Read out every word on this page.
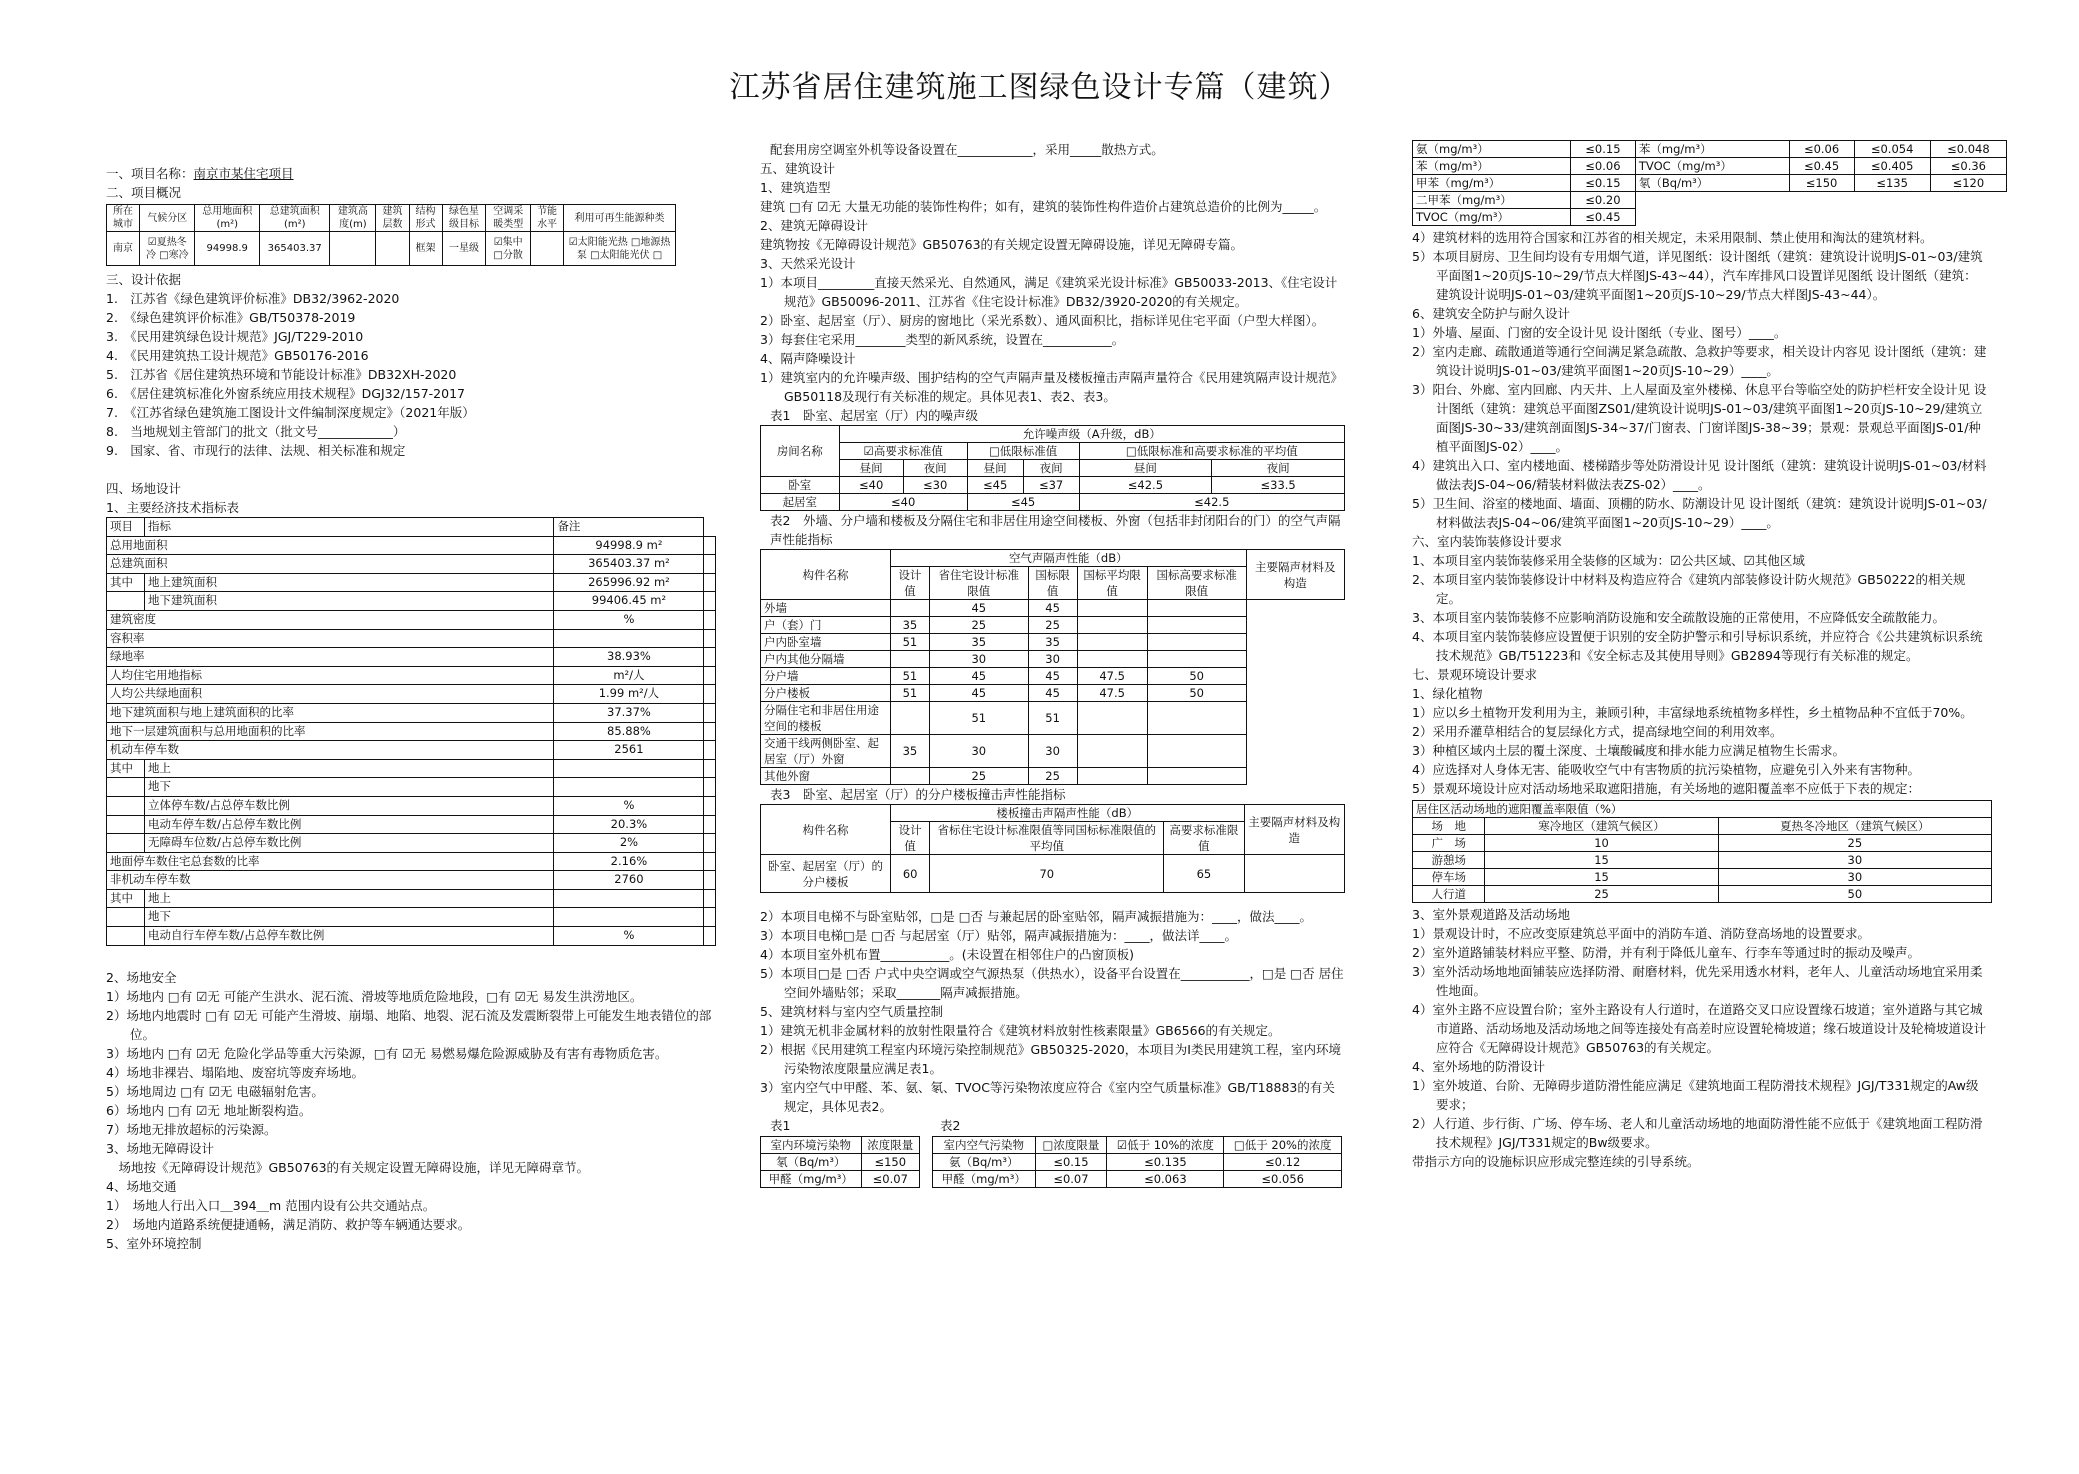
江苏省居住建筑施工图绿色设计专篇（建筑）

一、项目名称：南京市某住宅项目

二、项目概况

所在城市	气候分区	总用地面积(m²)	总建筑面积(m²)	建筑高度(m)	建筑层数	结构形式	绿色星级目标	空调采暖类型	节能水平	利用可再生能源种类
南京	☑夏热冬冷 □寒冷	94998.9	365403.37			框架	一星级	☑集中 □分散		☑太阳能光热 □地源热泵 □太阳能光伏 □

三、设计依据

1.　江苏省《绿色建筑评价标准》DB32/3962-2020

2.　《绿色建筑评价标准》GB/T50378-2019

3.　《民用建筑绿色设计规范》JGJ/T229-2010

4.　《民用建筑热工设计规范》GB50176-2016

5.　江苏省《居住建筑热环境和节能设计标准》DB32XH-2020

6.　《居住建筑标准化外窗系统应用技术规程》DGJ32/157-2017

7.　《江苏省绿色建筑施工图设计文件编制深度规定》（2021年版）

8.　当地规划主管部门的批文（批文号____________）

9.　国家、省、市现行的法律、法规、相关标准和规定

四、场地设计

1、主要经济技术指标表

项目	指标	备注	
总用地面积		94998.9 m²	
总建筑面积		365403.37 m²	
其中	地上建筑面积	265996.92 m²	
	地下建筑面积	99406.45 m²	
建筑密度		%	
容积率			
绿地率		38.93%	
人均住宅用地指标		m²/人	
人均公共绿地面积		1.99 m²/人	
地下建筑面积与地上建筑面积的比率		37.37%	
地下一层建筑面积与总用地面积的比率		85.88%	
机动车停车数		2561	
其中	地上		
	地下		
	立体停车数/占总停车数比例	%	
	电动车停车数/占总停车数比例	20.3%	
	无障碍车位数/占总停车数比例	2%	
地面停车数住宅总套数的比率		2.16%	
非机动车停车数		2760	
其中	地上		
	地下		
	电动自行车停车数/占总停车数比例	%	

2、场地安全

1）场地内 □有 ☑无 可能产生洪水、泥石流、滑坡等地质危险地段，□有 ☑无 易发生洪涝地区。

2）场地内地震时 □有 ☑无 可能产生滑坡、崩塌、地陷、地裂、泥石流及发震断裂带上可能发生地表错位的部位。

3）场地内 □有 ☑无 危险化学品等重大污染源，□有 ☑无 易燃易爆危险源威胁及有害有毒物质危害。

4）场地非裸岩、塌陷地、废窑坑等废弃场地。

5）场地周边 □有 ☑无 电磁辐射危害。

6）场地内 □有 ☑无 地址断裂构造。

7）场地无排放超标的污染源。

3、场地无障碍设计

　场地按《无障碍设计规范》GB50763的有关规定设置无障碍设施，详见无障碍章节。

4、场地交通

1）　场地人行出入口＿394＿m 范围内设有公共交通站点。

2）　场地内道路系统便捷通畅，满足消防、救护等车辆通达要求。

5、室外环境控制

配套用房空调室外机等设备设置在____________，采用_____散热方式。

五、建筑设计

1、建筑造型

建筑 □有 ☑无 大量无功能的装饰性构件；如有，建筑的装饰性构件造价占建筑总造价的比例为_____。

2、建筑无障碍设计

建筑物按《无障碍设计规范》GB50763的有关规定设置无障碍设施，详见无障碍专篇。

3、天然采光设计

1）本项目_________直接天然采光、自然通风，满足《建筑采光设计标准》GB50033-2013、《住宅设计规范》GB50096-2011、江苏省《住宅设计标准》DB32/3920-2020的有关规定。

2）卧室、起居室（厅）、厨房的窗地比（采光系数）、通风面积比，指标详见住宅平面（户型大样图）。

3）每套住宅采用________类型的新风系统，设置在___________。

4、隔声降噪设计

1）建筑室内的允许噪声级、围护结构的空气声隔声量及楼板撞击声隔声量符合《民用建筑隔声设计规范》GB50118及现行有关标准的规定。具体见表1、表2、表3。

表1　卧室、起居室（厅）内的噪声级

房间名称	允许噪声级（A升级，dB）					
	☑高要求标准值		□低限标准值		□低限标准和高要求标准的平均值	
	昼间	夜间	昼间	夜间	昼间	夜间
卧室	≤40	≤30	≤45	≤37	≤42.5	≤33.5
起居室	≤40		≤45		≤42.5	

表2　外墙、分户墙和楼板及分隔住宅和非居住用途空间楼板、外窗（包括非封闭阳台的门）的空气声隔声性能指标

构件名称	空气声隔声性能（dB）					主要隔声材料及构造
	设计值	省住宅设计标准限值	国标限值	国标平均限值	国标高要求标准限值	
外墙		45	45			
户（套）门	35	25	25			
户内卧室墙	51	35	35			
户内其他分隔墙		30	30			
分户墙	51	45	45	47.5	50	
分户楼板	51	45	45	47.5	50	
分隔住宅和非居住用途空间的楼板		51	51			
交通干线两侧卧室、起居室（厅）外窗	35	30	30			
其他外窗		25	25			

表3　卧室、起居室（厅）的分户楼板撞击声性能指标

构件名称	楼板撞击声隔声性能（dB）			主要隔声材料及构造
	设计值	省标住宅设计标准限值等同国标标准限值的平均值	高要求标准限值	
卧室、起居室（厅）的分户楼板	60	70	65	

2）本项目电梯不与卧室贴邻，□是 □否 与兼起居的卧室贴邻，隔声减振措施为：____，做法____。

3）本项目电梯□是 □否 与起居室（厅）贴邻，隔声减振措施为：____，做法详____。

4）本项目室外机布置___________。(未设置在相邻住户的凸窗顶板)

5）本项目□是 □否 户式中央空调或空气源热泵（供热水），设备平台设置在___________，□是 □否 居住空间外墙贴邻；采取_______隔声减振措施。

5、建筑材料与室内空气质量控制

1）建筑无机非金属材料的放射性限量符合《建筑材料放射性核素限量》GB6566的有关规定。

2）根据《民用建筑工程室内环境污染控制规范》GB50325-2020，本项目为Ⅰ类民用建筑工程，室内环境污染物浓度限量应满足表1。

3）室内空气中甲醛、苯、氨、氡、TVOC等污染物浓度应符合《室内空气质量标准》GB/T18883的有关规定，具体见表2。

表1	表2
室内环境污染物	浓度限量
氡（Bq/m³）	≤150
甲醛（mg/m³）	≤0.07
室内空气污染物	□浓度限量	☑低于 10%的浓度	□低于 20%的浓度
氨（Bq/m³）	≤0.15	≤0.135	≤0.12
甲醛（mg/m³）	≤0.07	≤0.063	≤0.056
氨（mg/m³）	≤0.15	苯（mg/m³）	≤0.06	≤0.054	≤0.048
苯（mg/m³）	≤0.06	TVOC（mg/m³）	≤0.45	≤0.405	≤0.36
甲苯（mg/m³）	≤0.15	氡（Bq/m³）	≤150	≤135	≤120
二甲苯（mg/m³）	≤0.20				
TVOC（mg/m³）	≤0.45				

4）建筑材料的选用符合国家和江苏省的相关规定，未采用限制、禁止使用和淘汰的建筑材料。

5）本项目厨房、卫生间均设有专用烟气道，详见图纸：设计图纸（建筑：建筑设计说明JS-01~03/建筑平面图1~20页JS-10~29/节点大样图JS-43~44），汽车库排风口设置详见图纸 设计图纸（建筑：建筑设计说明JS-01~03/建筑平面图1~20页JS-10~29/节点大样图JS-43~44）。

6、建筑安全防护与耐久设计

1）外墙、屋面、门窗的安全设计见 设计图纸（专业、图号）____。

2）室内走廊、疏散通道等通行空间满足紧急疏散、急救护等要求，相关设计内容见 设计图纸（建筑：建筑设计说明JS-01~03/建筑平面图1~20页JS-10~29）____。

3）阳台、外廊、室内回廊、内天井、上人屋面及室外楼梯、休息平台等临空处的防护栏杆安全设计见 设计图纸（建筑：建筑总平面图ZS01/建筑设计说明JS-01~03/建筑平面图1~20页JS-10~29/建筑立面图JS-30~33/建筑剖面图JS-34~37/门窗表、门窗详图JS-38~39；景观：景观总平面图JS-01/种植平面图JS-02）____。

4）建筑出入口、室内楼地面、楼梯踏步等处防滑设计见 设计图纸（建筑：建筑设计说明JS-01~03/材料做法表JS-04~06/精装材料做法表ZS-02）____。

5）卫生间、浴室的楼地面、墙面、顶棚的防水、防潮设计见 设计图纸（建筑：建筑设计说明JS-01~03/材料做法表JS-04~06/建筑平面图1~20页JS-10~29）____。

六、室内装饰装修设计要求

1、本项目室内装饰装修采用全装修的区域为：☑公共区域、☑其他区域

2、本项目室内装饰装修设计中材料及构造应符合《建筑内部装修设计防火规范》GB50222的相关规定。

3、本项目室内装饰装修不应影响消防设施和安全疏散设施的正常使用，不应降低安全疏散能力。

4、本项目室内装饰装修应设置便于识别的安全防护警示和引导标识系统，并应符合《公共建筑标识系统技术规范》GB/T51223和《安全标志及其使用导则》GB2894等现行有关标准的规定。

七、景观环境设计要求

1、绿化植物

1）应以乡土植物开发利用为主，兼顾引种，丰富绿地系统植物多样性，乡土植物品种不宜低于70%。

2）采用乔灌草相结合的复层绿化方式，提高绿地空间的利用效率。

3）种植区域内土层的覆土深度、土壤酸碱度和排水能力应满足植物生长需求。

4）应选择对人身体无害、能吸收空气中有害物质的抗污染植物，应避免引入外来有害物种。

5）景观环境设计应对活动场地采取遮阳措施，有关场地的遮阳覆盖率不应低于下表的规定：

居住区活动场地的遮阳覆盖率限值（%）		
场　地	寒冷地区（建筑气候区）	夏热冬冷地区（建筑气候区）
广　场	10	25
游憩场	15	30
停车场	15	30
人行道	25	50

3、室外景观道路及活动场地

1）景观设计时，不应改变原建筑总平面中的消防车道、消防登高场地的设置要求。

2）室外道路铺装材料应平整、防滑，并有利于降低儿童车、行李车等通过时的振动及噪声。

3）室外活动场地地面铺装应选择防滑、耐磨材料，优先采用透水材料，老年人、儿童活动场地宜采用柔性地面。

4）室外主路不应设置台阶；室外主路设有人行道时，在道路交叉口应设置缘石坡道；室外道路与其它城市道路、活动场地及活动场地之间等连接处有高差时应设置轮椅坡道；缘石坡道设计及轮椅坡道设计应符合《无障碍设计规范》GB50763的有关规定。

4、室外场地的防滑设计

1）室外坡道、台阶、无障碍步道防滑性能应满足《建筑地面工程防滑技术规程》JGJ/T331规定的Aw级要求；

2）人行道、步行街、广场、停车场、老人和儿童活动场地的地面防滑性能不应低于《建筑地面工程防滑技术规程》JGJ/T331规定的Bw级要求。

带指示方向的设施标识应形成完整连续的引导系统。
